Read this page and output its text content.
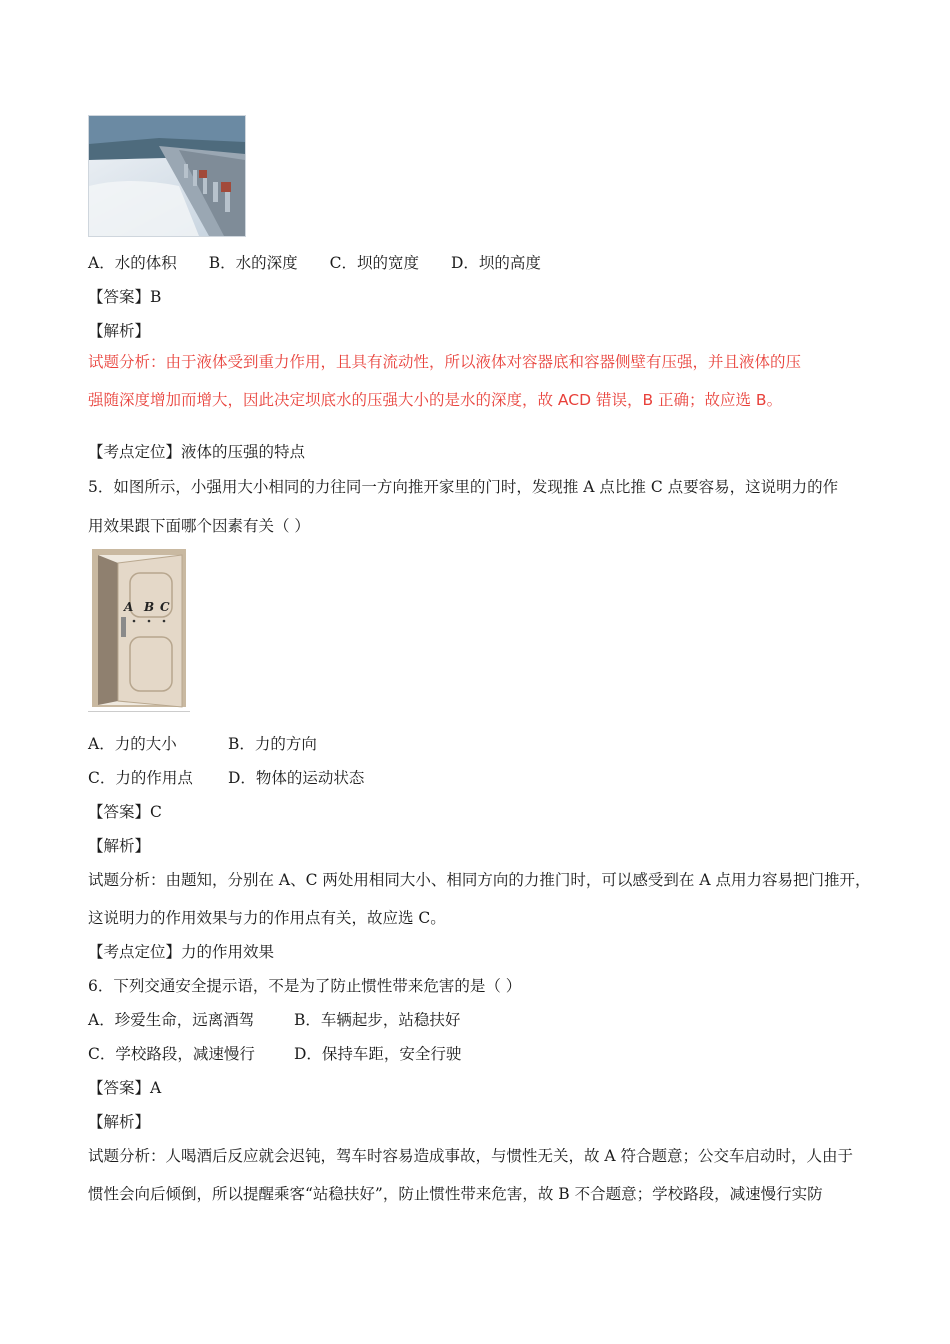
A．水的体积 B．水的深度 C．坝的宽度 D．坝的高度
【答案】B
【解析】
试题分析：由于液体受到重力作用，且具有流动性，所以液体对容器底和容器侧壁有压强，并且液体的压
强随深度增加而增大，因此决定坝底水的压强大小的是水的深度，故 ACD 错误，B 正确；故应选 B。
【考点定位】液体的压强的特点
5．如图所示，小强用大小相同的力往同一方向推开家里的门时，发现推 A 点比推 C 点要容易，这说明力的作
用效果跟下面哪个因素有关（ ）
A B C
A．力的大小	B．力的方向
C．力的作用点 D．物体的运动状态
【答案】C
【解析】
试题分析：由题知，分别在 A、C 两处用相同大小、相同方向的力推门时，可以感受到在 A 点用力容易把门推开，
这说明力的作用效果与力的作用点有关，故应选 C。
【考点定位】力的作用效果
6．下列交通安全提示语，不是为了防止惯性带来危害的是（ ）
A．珍爱生命，远离酒驾	B．车辆起步，站稳扶好
C．学校路段，减速慢行	D．保持车距，安全行驶
【答案】A
【解析】
试题分析：人喝酒后反应就会迟钝，驾车时容易造成事故，与惯性无关，故 A 符合题意；公交车启动时，人由于
惯性会向后倾倒，所以提醒乘客“站稳扶好”，防止惯性带来危害，故 B 不合题意；学校路段，减速慢行实防
